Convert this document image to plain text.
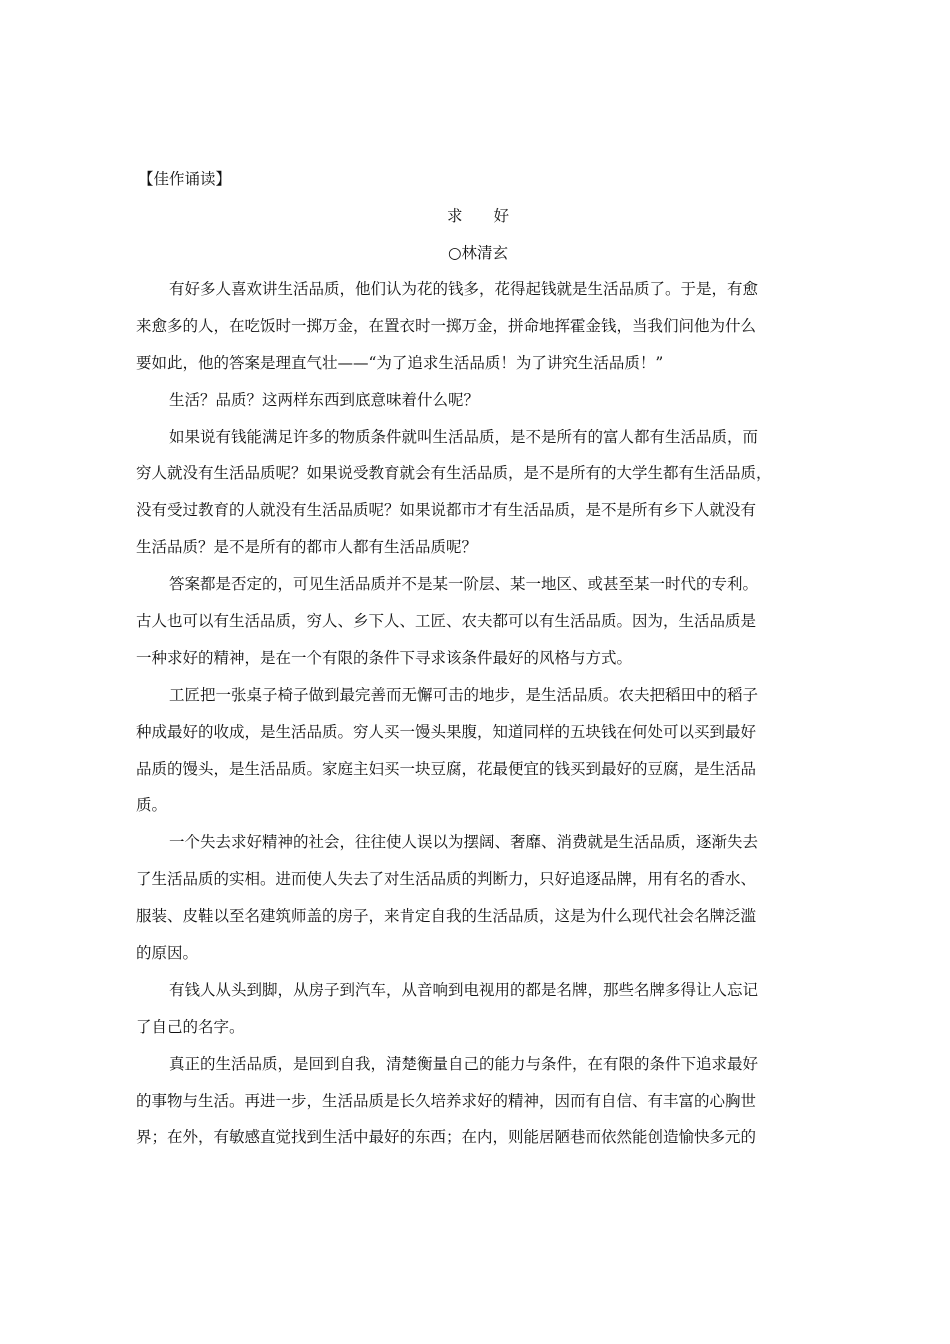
【佳作诵读】
求　　好
○林清玄
有好多人喜欢讲生活品质，他们认为花的钱多，花得起钱就是生活品质了。于是，有愈
来愈多的人，在吃饭时一掷万金，在置衣时一掷万金，拼命地挥霍金钱，当我们问他为什么
要如此，他的答案是理直气壮——“为了追求生活品质！为了讲究生活品质！”
生活？品质？这两样东西到底意味着什么呢？
如果说有钱能满足许多的物质条件就叫生活品质，是不是所有的富人都有生活品质，而
穷人就没有生活品质呢？如果说受教育就会有生活品质，是不是所有的大学生都有生活品质，
没有受过教育的人就没有生活品质呢？如果说都市才有生活品质，是不是所有乡下人就没有
生活品质？是不是所有的都市人都有生活品质呢？
答案都是否定的，可见生活品质并不是某一阶层、某一地区、或甚至某一时代的专利。
古人也可以有生活品质，穷人、乡下人、工匠、农夫都可以有生活品质。因为，生活品质是
一种求好的精神，是在一个有限的条件下寻求该条件最好的风格与方式。
工匠把一张桌子椅子做到最完善而无懈可击的地步，是生活品质。农夫把稻田中的稻子
种成最好的收成，是生活品质。穷人买一馒头果腹，知道同样的五块钱在何处可以买到最好
品质的馒头，是生活品质。家庭主妇买一块豆腐，花最便宜的钱买到最好的豆腐，是生活品
质。
一个失去求好精神的社会，往往使人误以为摆阔、奢靡、消费就是生活品质，逐渐失去
了生活品质的实相。进而使人失去了对生活品质的判断力，只好追逐品牌，用有名的香水、
服装、皮鞋以至名建筑师盖的房子，来肯定自我的生活品质，这是为什么现代社会名牌泛滥
的原因。
有钱人从头到脚，从房子到汽车，从音响到电视用的都是名牌，那些名牌多得让人忘记
了自己的名字。
真正的生活品质，是回到自我，清楚衡量自己的能力与条件，在有限的条件下追求最好
的事物与生活。再进一步，生活品质是长久培养求好的精神，因而有自信、有丰富的心胸世
界；在外，有敏感直觉找到生活中最好的东西；在内，则能居陋巷而依然能创造愉快多元的
